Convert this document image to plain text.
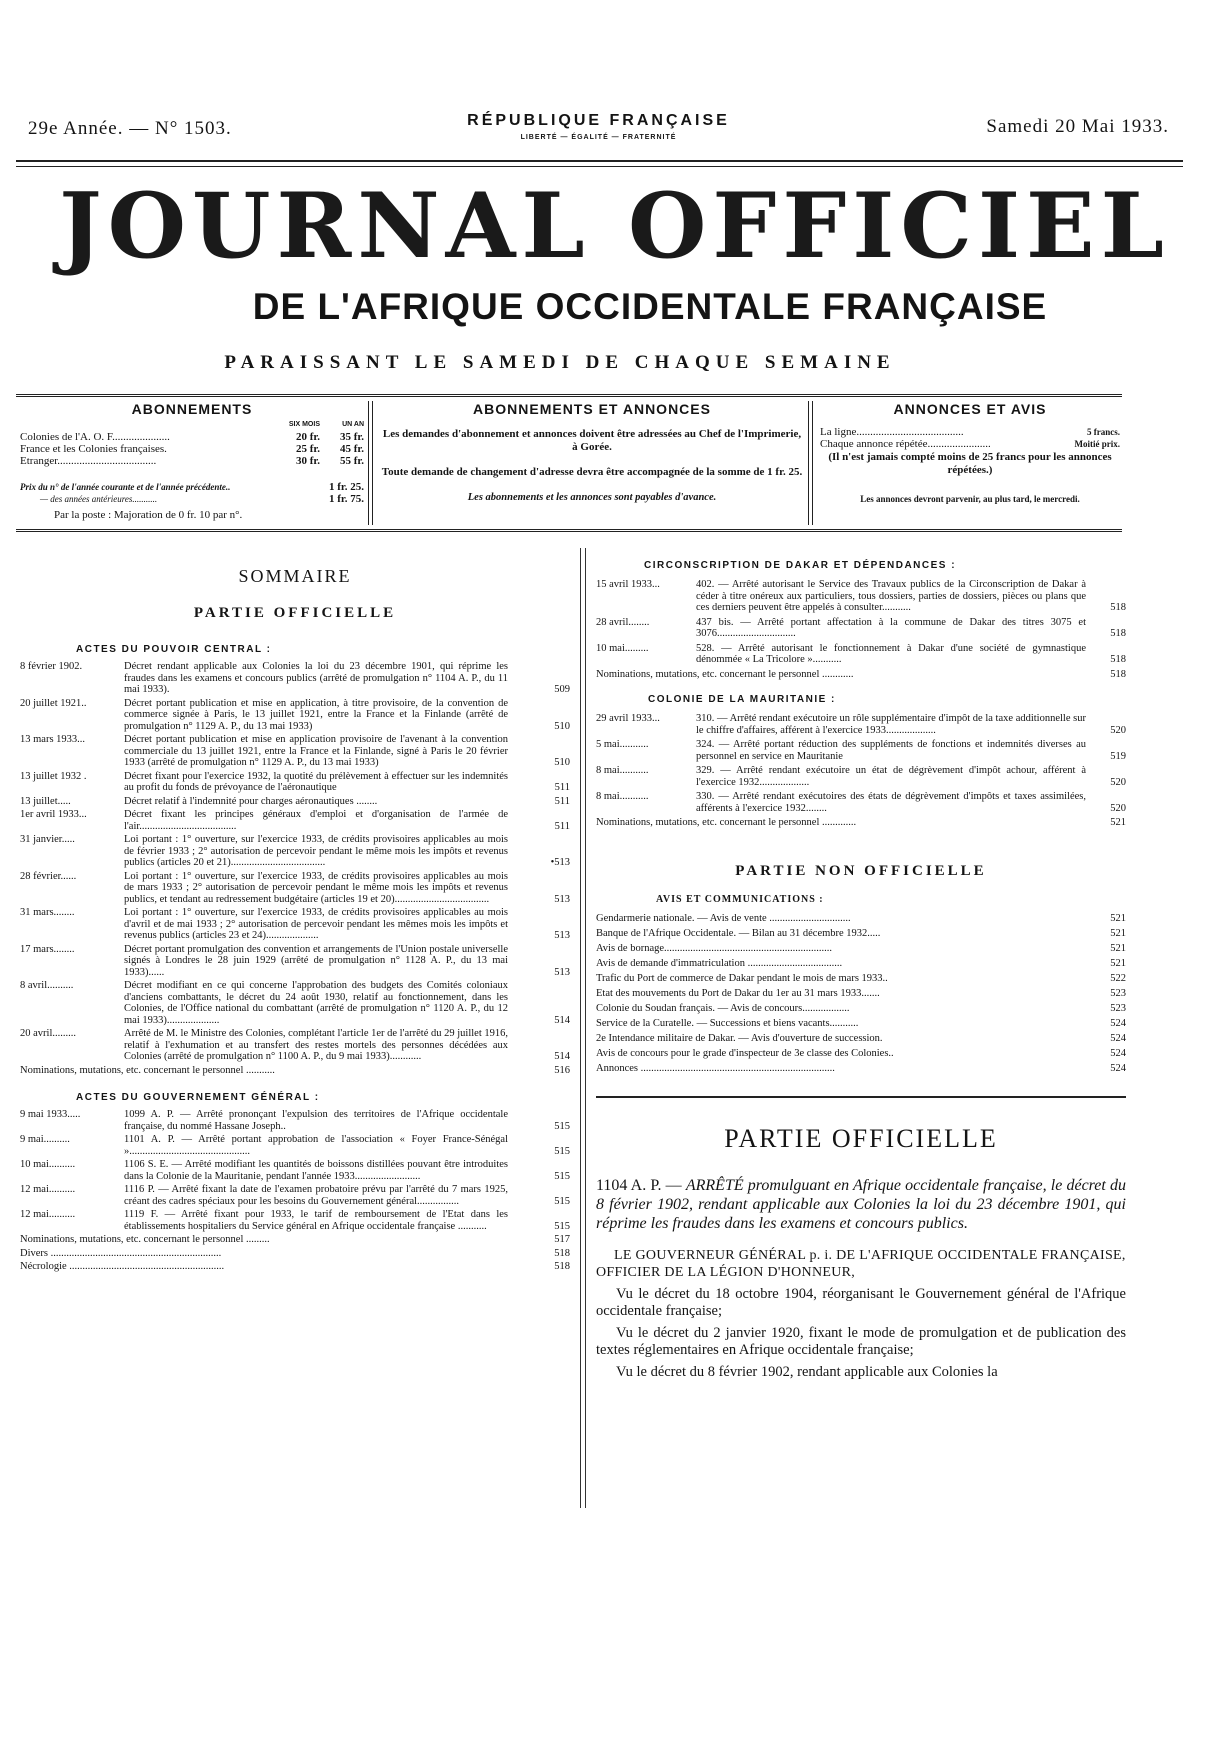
29e Année. — N° 1503.	RÉPUBLIQUE FRANÇAISE
LIBERTÉ — ÉGALITÉ — FRATERNITÉ
Samedi 20 Mai 1933.
JOURNAL OFFICIEL
DE L'AFRIQUE OCCIDENTALE FRANÇAISE
PARAISSANT LE SAMEDI DE CHAQUE SEMAINE
ABONNEMENTS
	SIX MOIS	UN AN
Colonies de l'A. O. F.....................	20 fr.	35 fr.
France et les Colonies françaises.	25 fr.	45 fr.
Etranger....................................	30 fr.	55 fr.
Prix du n° de l'année courante et de l'année précédente..	1 fr. 25.
— des années antérieures...........	1 fr. 75.
Par la poste : Majoration de 0 fr. 10 par n°.
ABONNEMENTS ET ANNONCES
Les demandes d'abonnement et annonces doivent être adressées au Chef de l'Imprimerie, à Gorée.
Toute demande de changement d'adresse devra être accompagnée de la somme de 1 fr. 25.
Les abonnements et les annonces sont payables d'avance.
ANNONCES ET AVIS
La ligne.......................................	5 francs.
Chaque annonce répétée.......................	Moitié prix.
(Il n'est jamais compté moins de 25 francs pour les annonces répétées.)
Les annonces devront parvenir, au plus tard, le mercredi.
SOMMAIRE
PARTIE OFFICIELLE
ACTES DU POUVOIR CENTRAL :
8 février 1902.	Décret rendant applicable aux Colonies la loi du 23 décembre 1901, qui réprime les fraudes dans les examens et concours publics (arrêté de promulgation n° 1104 A. P., du 11 mai 1933).	509
20 juillet 1921..	Décret portant publication et mise en application, à titre provisoire, de la convention de commerce signée à Paris, le 13 juillet 1921, entre la France et la Finlande (arrêté de promulgation n° 1129 A. P., du 13 mai 1933)	510
13 mars 1933...	Décret portant publication et mise en application provisoire de l'avenant à la convention commerciale du 13 juillet 1921, entre la France et la Finlande, signé à Paris le 20 février 1933 (arrêté de promulgation n° 1129 A. P., du 13 mai 1933)	510
13 juillet 1932 .	Décret fixant pour l'exercice 1932, la quotité du prélèvement à effectuer sur les indemnités au profit du fonds de prévoyance de l'aéronautique	511
13 juillet.....	Décret relatif à l'indemnité pour charges aéronautiques ........	511
1er avril 1933...	Décret fixant les principes généraux d'emploi et d'organisation de l'armée de l'air.....................................	511
31 janvier.....	Loi portant : 1° ouverture, sur l'exercice 1933, de crédits provisoires applicables au mois de février 1933 ; 2° autorisation de percevoir pendant le même mois les impôts et revenus publics (articles 20 et 21)....................................	•513
28 février......	Loi portant : 1° ouverture, sur l'exercice 1933, de crédits provisoires applicables au mois de mars 1933 ; 2° autorisation de percevoir pendant le même mois les impôts et revenus publics, et tendant au redressement budgétaire (articles 19 et 20)....................................	513
31 mars........	Loi portant : 1° ouverture, sur l'exercice 1933, de crédits provisoires applicables au mois d'avril et de mai 1933 ; 2° autorisation de percevoir pendant les mêmes mois les impôts et revenus publics (articles 23 et 24)....................	513
17 mars........	Décret portant promulgation des convention et arrangements de l'Union postale universelle signés à Londres le 28 juin 1929 (arrêté de promulgation n° 1128 A. P., du 13 mai 1933)......	513
8 avril..........	Décret modifiant en ce qui concerne l'approbation des budgets des Comités coloniaux d'anciens combattants, le décret du 24 août 1930, relatif au fonctionnement, dans les Colonies, de l'Office national du combattant (arrêté de promulgation n° 1120 A. P., du 12 mai 1933)....................	514
20 avril.........	Arrêté de M. le Ministre des Colonies, complétant l'article 1er de l'arrêté du 29 juillet 1916, relatif à l'exhumation et au transfert des restes mortels des personnes décédées aux Colonies (arrêté de promulgation n° 1100 A. P., du 9 mai 1933)............	514
Nominations, mutations, etc. concernant le personnel ...........	516
ACTES DU GOUVERNEMENT GÉNÉRAL :
9 mai 1933.....	1099 A. P. — Arrêté prononçant l'expulsion des territoires de l'Afrique occidentale française, du nommé Hassane Joseph..	515
9 mai..........	1101 A. P. — Arrêté portant approbation de l'association « Foyer France-Sénégal »..............................................	515
10 mai..........	1106 S. E. — Arrêté modifiant les quantités de boissons distillées pouvant être introduites dans la Colonie de la Mauritanie, pendant l'année 1933.........................	515
12 mai..........	1116 P. — Arrêté fixant la date de l'examen probatoire prévu par l'arrêté du 7 mars 1925, créant des cadres spéciaux pour les besoins du Gouvernement général................	515
12 mai..........	1119 F. — Arrêté fixant pour 1933, le tarif de remboursement de l'Etat dans les établissements hospitaliers du Service général en Afrique occidentale française ...........	515
Nominations, mutations, etc. concernant le personnel .........	517
Divers .................................................................	518
Nécrologie ...........................................................	518
CIRCONSCRIPTION DE DAKAR ET DÉPENDANCES :
15 avril 1933...	402. — Arrêté autorisant le Service des Travaux publics de la Circonscription de Dakar à céder à titre onéreux aux particuliers, tous dossiers, parties de dossiers, pièces ou plans que ces derniers peuvent être appelés à consulter...........	518
28 avril........	437 bis. — Arrêté portant affectation à la commune de Dakar des titres 3075 et 3076..............................	518
10 mai.........	528. — Arrêté autorisant le fonctionnement à Dakar d'une société de gymnastique dénommée « La Tricolore »...........	518
Nominations, mutations, etc. concernant le personnel ............	518
COLONIE DE LA MAURITANIE :
29 avril 1933...	310. — Arrêté rendant exécutoire un rôle supplémentaire d'impôt de la taxe additionnelle sur le chiffre d'affaires, afférent à l'exercice 1933...................	520
5 mai...........	324. — Arrêté portant réduction des suppléments de fonctions et indemnités diverses au personnel en service en Mauritanie	519
8 mai...........	329. — Arrêté rendant exécutoire un état de dégrèvement d'impôt achour, afférent à l'exercice 1932...................	520
8 mai...........	330. — Arrêté rendant exécutoires des états de dégrèvement d'impôts et taxes assimilées, afférents à l'exercice 1932........	520
Nominations, mutations, etc. concernant le personnel .............	521
PARTIE NON OFFICIELLE
AVIS ET COMMUNICATIONS :
Gendarmerie nationale. — Avis de vente ...............................	521
Banque de l'Afrique Occidentale. — Bilan au 31 décembre 1932.....	521
Avis de bornage................................................................	521
Avis de demande d'immatriculation ....................................	521
Trafic du Port de commerce de Dakar pendant le mois de mars 1933..	522
Etat des mouvements du Port de Dakar du 1er au 31 mars 1933.......	523
Colonie du Soudan français. — Avis de concours..................	523
Service de la Curatelle. — Successions et biens vacants...........	524
2e Intendance militaire de Dakar. — Avis d'ouverture de succession.	524
Avis de concours pour le grade d'inspecteur de 3e classe des Colonies..	524
Annonces ..........................................................................	524
PARTIE OFFICIELLE
1104 A. P. — ARRÊTÉ promulguant en Afrique occidentale française, le décret du 8 février 1902, rendant applicable aux Colonies la loi du 23 décembre 1901, qui réprime les fraudes dans les examens et concours publics.
LE GOUVERNEUR GÉNÉRAL p. i. DE L'AFRIQUE OCCIDENTALE FRANÇAISE, OFFICIER DE LA LÉGION D'HONNEUR,
Vu le décret du 18 octobre 1904, réorganisant le Gouvernement général de l'Afrique occidentale française;
Vu le décret du 2 janvier 1920, fixant le mode de promulgation et de publication des textes réglementaires en Afrique occidentale française;
Vu le décret du 8 février 1902, rendant applicable aux Colonies la
